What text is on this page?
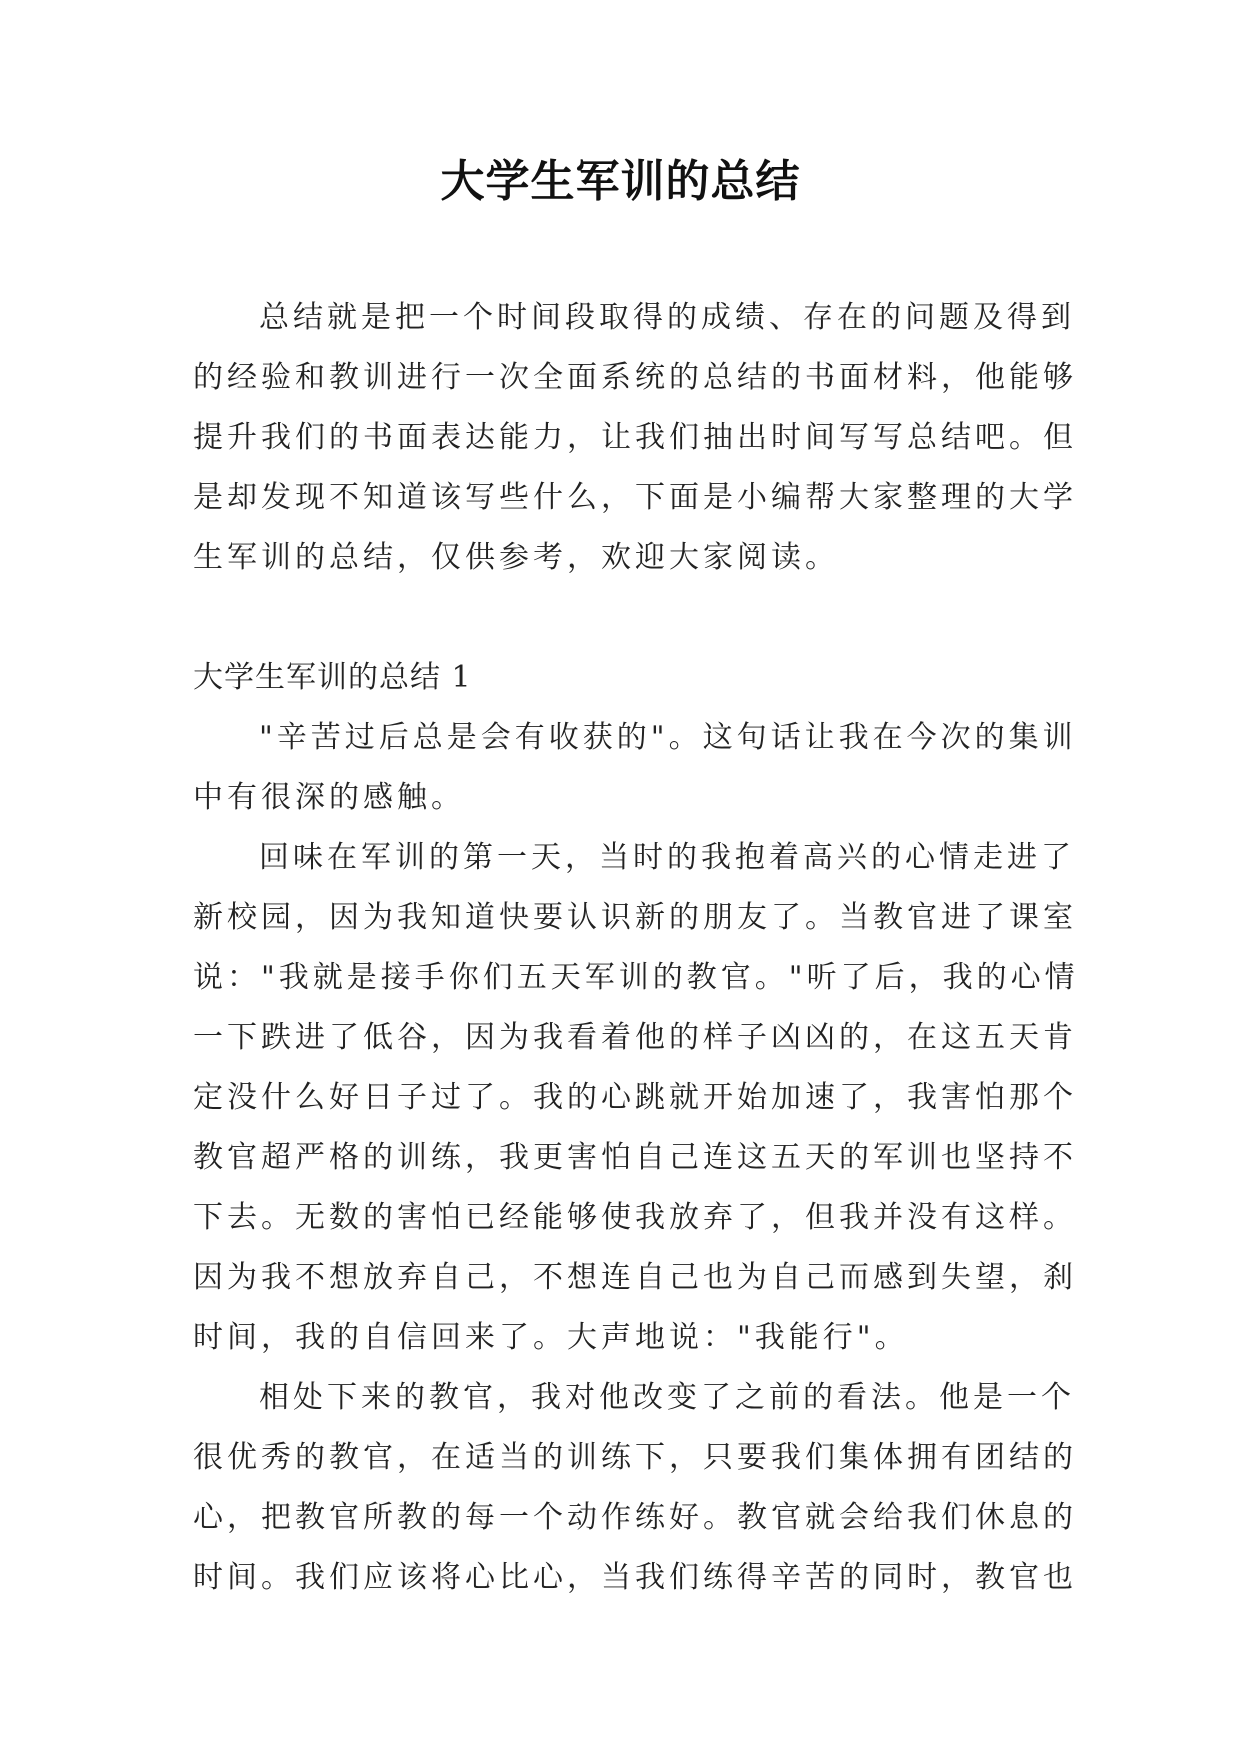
大学生军训的总结

总结就是把一个时间段取得的成绩、存在的问题及得到
的经验和教训进行一次全面系统的总结的书面材料，他能够
提升我们的书面表达能力，让我们抽出时间写写总结吧。但
是却发现不知道该写些什么，下面是小编帮大家整理的大学
生军训的总结，仅供参考，欢迎大家阅读。

大学生军训的总结 1

"辛苦过后总是会有收获的"。这句话让我在今次的集训
中有很深的感触。

回味在军训的第一天，当时的我抱着高兴的心情走进了
新校园，因为我知道快要认识新的朋友了。当教官进了课室
说："我就是接手你们五天军训的教官。"听了后，我的心情
一下跌进了低谷，因为我看着他的样子凶凶的，在这五天肯
定没什么好日子过了。我的心跳就开始加速了，我害怕那个
教官超严格的训练，我更害怕自己连这五天的军训也坚持不
下去。无数的害怕已经能够使我放弃了，但我并没有这样。
因为我不想放弃自己，不想连自己也为自己而感到失望，刹
时间，我的自信回来了。大声地说："我能行"。

相处下来的教官，我对他改变了之前的看法。他是一个
很优秀的教官，在适当的训练下，只要我们集体拥有团结的
心，把教官所教的每一个动作练好。教官就会给我们休息的
时间。我们应该将心比心，当我们练得辛苦的同时，教官也
